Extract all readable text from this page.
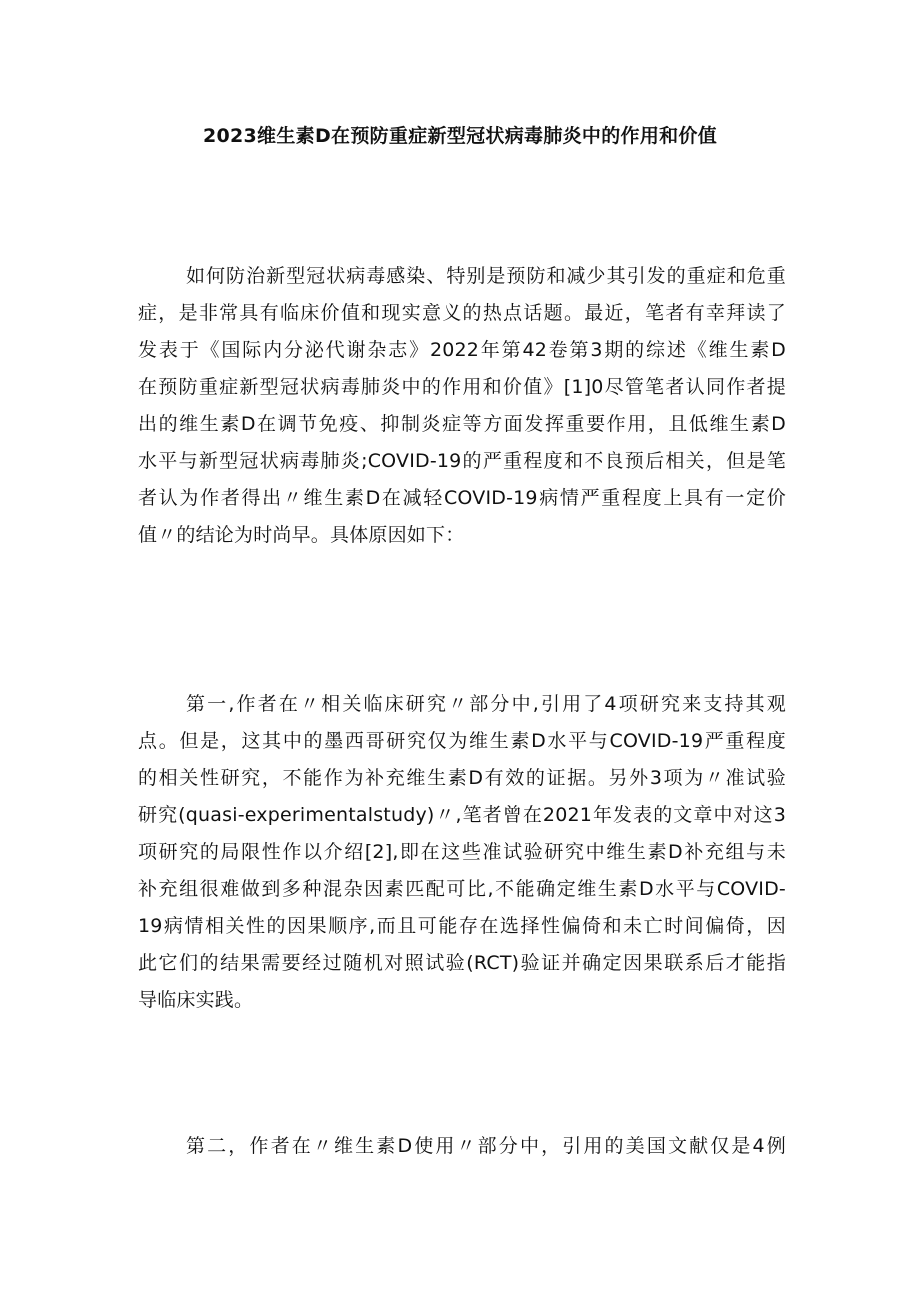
2023维生素D在预防重症新型冠状病毒肺炎中的作用和价值
如何防治新型冠状病毒感染、特别是预防和减少其引发的重症和危重
症，是非常具有临床价值和现实意义的热点话题。最近，笔者有幸拜读了
发表于《国际内分泌代谢杂志》2022年第42卷第3期的综述《维生素D
在预防重症新型冠状病毒肺炎中的作用和价值》[1]0尽管笔者认同作者提
出的维生素D在调节免疫、抑制炎症等方面发挥重要作用，且低维生素D
水平与新型冠状病毒肺炎;COVID-19的严重程度和不良预后相关，但是笔
者认为作者得出〃维生素D在减轻COVID-19病情严重程度上具有一定价
值〃的结论为时尚早。具体原因如下：
第一,作者在〃相关临床研究〃部分中,引用了4项研究来支持其观
点。但是，这其中的墨西哥研究仅为维生素D水平与COVID-19严重程度
的相关性研究，不能作为补充维生素D有效的证据。另外3项为〃准试验
研究(quasi-experimentalstudy)〃,笔者曾在2021年发表的文章中对这3
项研究的局限性作以介绍[2],即在这些准试验研究中维生素D补充组与未
补充组很难做到多种混杂因素匹配可比,不能确定维生素D水平与COVID-
19病情相关性的因果顺序,而且可能存在选择性偏倚和未亡时间偏倚，因
此它们的结果需要经过随机对照试验(RCT)验证并确定因果联系后才能指
导临床实践。
第二，作者在〃维生素D使用〃部分中，引用的美国文献仅是4例
